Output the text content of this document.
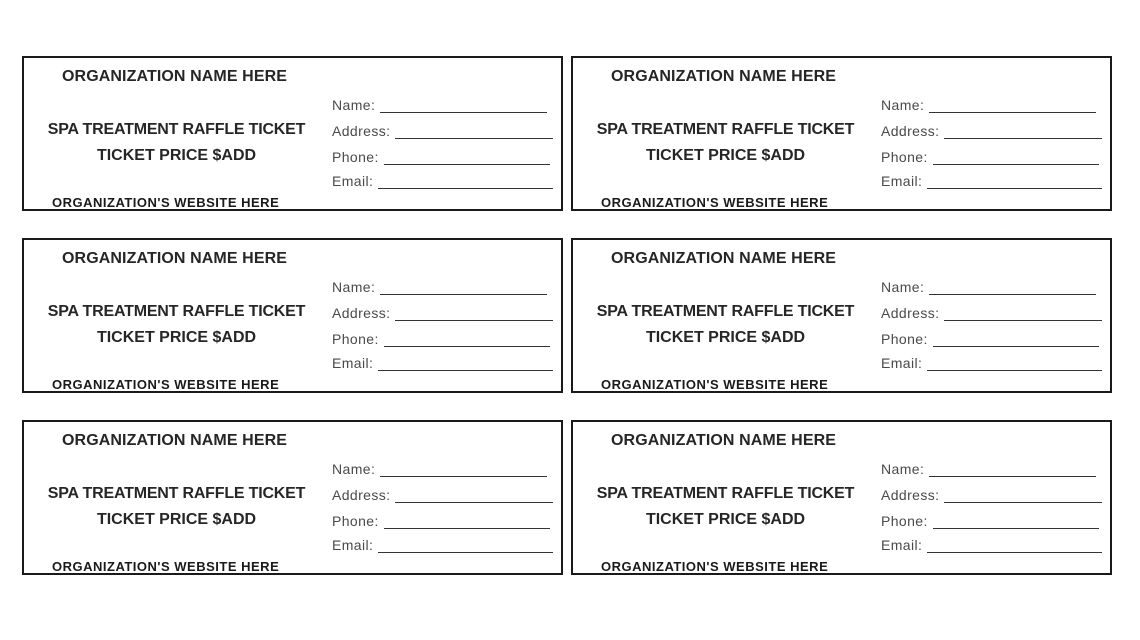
ORGANIZATION NAME HERE
SPA TREATMENT RAFFLE TICKET
TICKET PRICE $ADD
Name:
Address:
Phone:
Email:
ORGANIZATION'S WEBSITE HERE
ORGANIZATION NAME HERE
SPA TREATMENT RAFFLE TICKET
TICKET PRICE $ADD
Name:
Address:
Phone:
Email:
ORGANIZATION'S WEBSITE HERE
ORGANIZATION NAME HERE
SPA TREATMENT RAFFLE TICKET
TICKET PRICE $ADD
Name:
Address:
Phone:
Email:
ORGANIZATION'S WEBSITE HERE
ORGANIZATION NAME HERE
SPA TREATMENT RAFFLE TICKET
TICKET PRICE $ADD
Name:
Address:
Phone:
Email:
ORGANIZATION'S WEBSITE HERE
ORGANIZATION NAME HERE
SPA TREATMENT RAFFLE TICKET
TICKET PRICE $ADD
Name:
Address:
Phone:
Email:
ORGANIZATION'S WEBSITE HERE
ORGANIZATION NAME HERE
SPA TREATMENT RAFFLE TICKET
TICKET PRICE $ADD
Name:
Address:
Phone:
Email:
ORGANIZATION'S WEBSITE HERE
